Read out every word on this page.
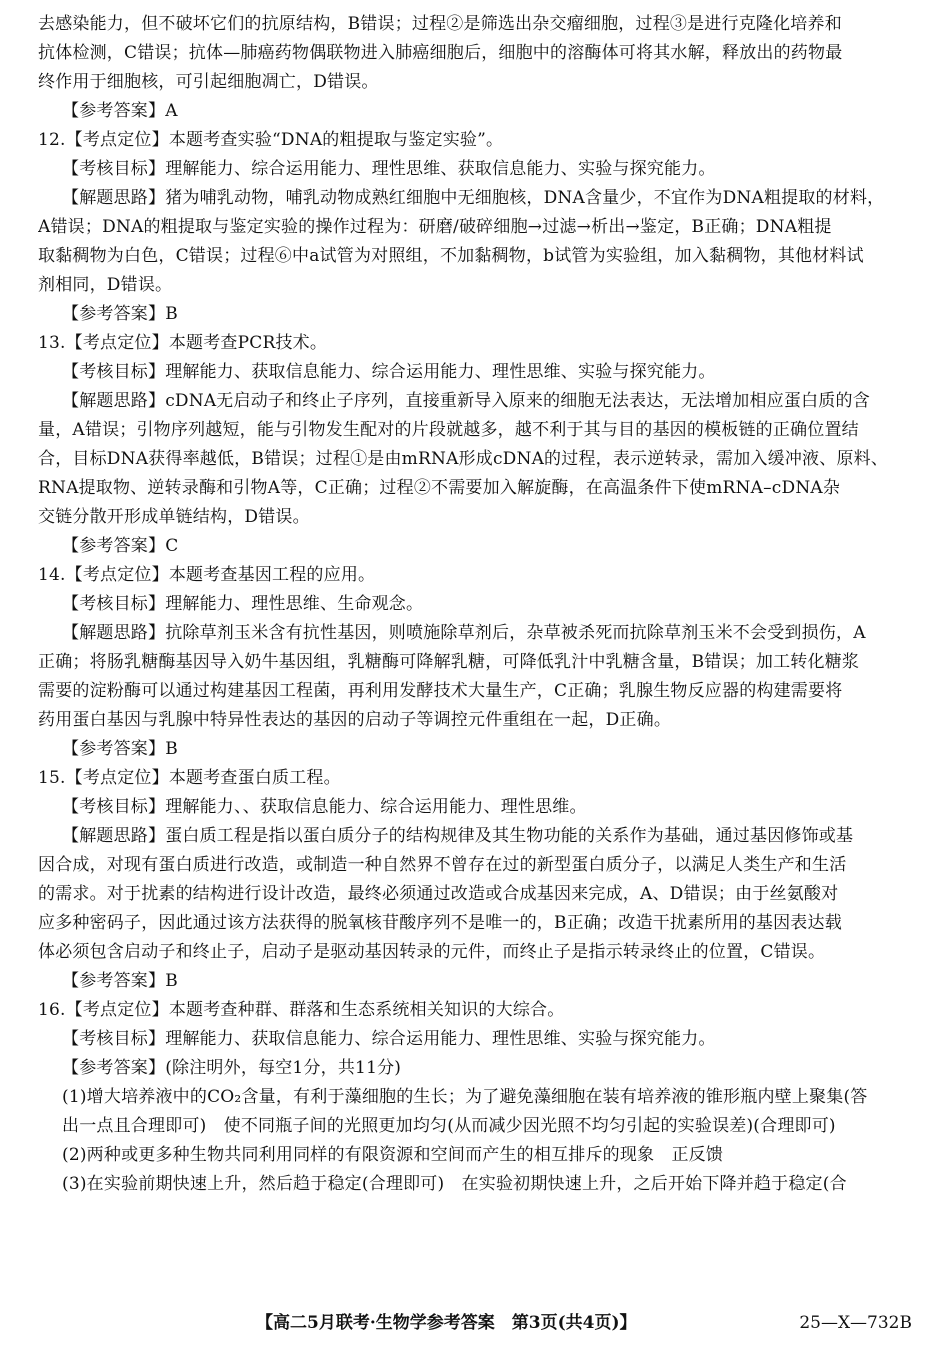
去感染能力，但不破坏它们的抗原结构，B错误；过程②是筛选出杂交瘤细胞，过程③是进行克隆化培养和
抗体检测，C错误；抗体—肺癌药物偶联物进入肺癌细胞后，细胞中的溶酶体可将其水解，释放出的药物最
终作用于细胞核，可引起细胞凋亡，D错误。
【参考答案】A
12.【考点定位】本题考查实验“DNA的粗提取与鉴定实验”。
【考核目标】理解能力、综合运用能力、理性思维、获取信息能力、实验与探究能力。
【解题思路】猪为哺乳动物，哺乳动物成熟红细胞中无细胞核，DNA含量少，不宜作为DNA粗提取的材料，
A错误；DNA的粗提取与鉴定实验的操作过程为：研磨/破碎细胞→过滤→析出→鉴定，B正确；DNA粗提
取黏稠物为白色，C错误；过程⑥中a试管为对照组，不加黏稠物，b试管为实验组，加入黏稠物，其他材料试
剂相同，D错误。
【参考答案】B
13.【考点定位】本题考查PCR技术。
【考核目标】理解能力、获取信息能力、综合运用能力、理性思维、实验与探究能力。
【解题思路】cDNA无启动子和终止子序列，直接重新导入原来的细胞无法表达，无法增加相应蛋白质的含
量，A错误；引物序列越短，能与引物发生配对的片段就越多，越不利于其与目的基因的模板链的正确位置结
合，目标DNA获得率越低，B错误；过程①是由mRNA形成cDNA的过程，表示逆转录，需加入缓冲液、原料、
RNA提取物、逆转录酶和引物A等，C正确；过程②不需要加入解旋酶，在高温条件下使mRNA–cDNA杂
交链分散开形成单链结构，D错误。
【参考答案】C
14.【考点定位】本题考查基因工程的应用。
【考核目标】理解能力、理性思维、生命观念。
【解题思路】抗除草剂玉米含有抗性基因，则喷施除草剂后，杂草被杀死而抗除草剂玉米不会受到损伤，A
正确；将肠乳糖酶基因导入奶牛基因组，乳糖酶可降解乳糖，可降低乳汁中乳糖含量，B错误；加工转化糖浆
需要的淀粉酶可以通过构建基因工程菌，再利用发酵技术大量生产，C正确；乳腺生物反应器的构建需要将
药用蛋白基因与乳腺中特异性表达的基因的启动子等调控元件重组在一起，D正确。
【参考答案】B
15.【考点定位】本题考查蛋白质工程。
【考核目标】理解能力、、获取信息能力、综合运用能力、理性思维。
【解题思路】蛋白质工程是指以蛋白质分子的结构规律及其生物功能的关系作为基础，通过基因修饰或基
因合成，对现有蛋白质进行改造，或制造一种自然界不曾存在过的新型蛋白质分子，以满足人类生产和生活
的需求。对于扰素的结构进行设计改造，最终必须通过改造或合成基因来完成，A、D错误；由于丝氨酸对
应多种密码子，因此通过该方法获得的脱氧核苷酸序列不是唯一的，B正确；改造干扰素所用的基因表达载
体必须包含启动子和终止子，启动子是驱动基因转录的元件，而终止子是指示转录终止的位置，C错误。
【参考答案】B
16.【考点定位】本题考查种群、群落和生态系统相关知识的大综合。
【考核目标】理解能力、获取信息能力、综合运用能力、理性思维、实验与探究能力。
【参考答案】(除注明外，每空1分，共11分)
(1)增大培养液中的CO₂含量，有利于藻细胞的生长；为了避免藻细胞在装有培养液的锥形瓶内壁上聚集(答
出一点且合理即可)　使不同瓶子间的光照更加均匀(从而减少因光照不均匀引起的实验误差)(合理即可)
(2)两种或更多种生物共同利用同样的有限资源和空间而产生的相互排斥的现象　正反馈
(3)在实验前期快速上升，然后趋于稳定(合理即可)　在实验初期快速上升，之后开始下降并趋于稳定(合
【高二5月联考·生物学参考答案　第3页(共4页)】	25—X—732B
